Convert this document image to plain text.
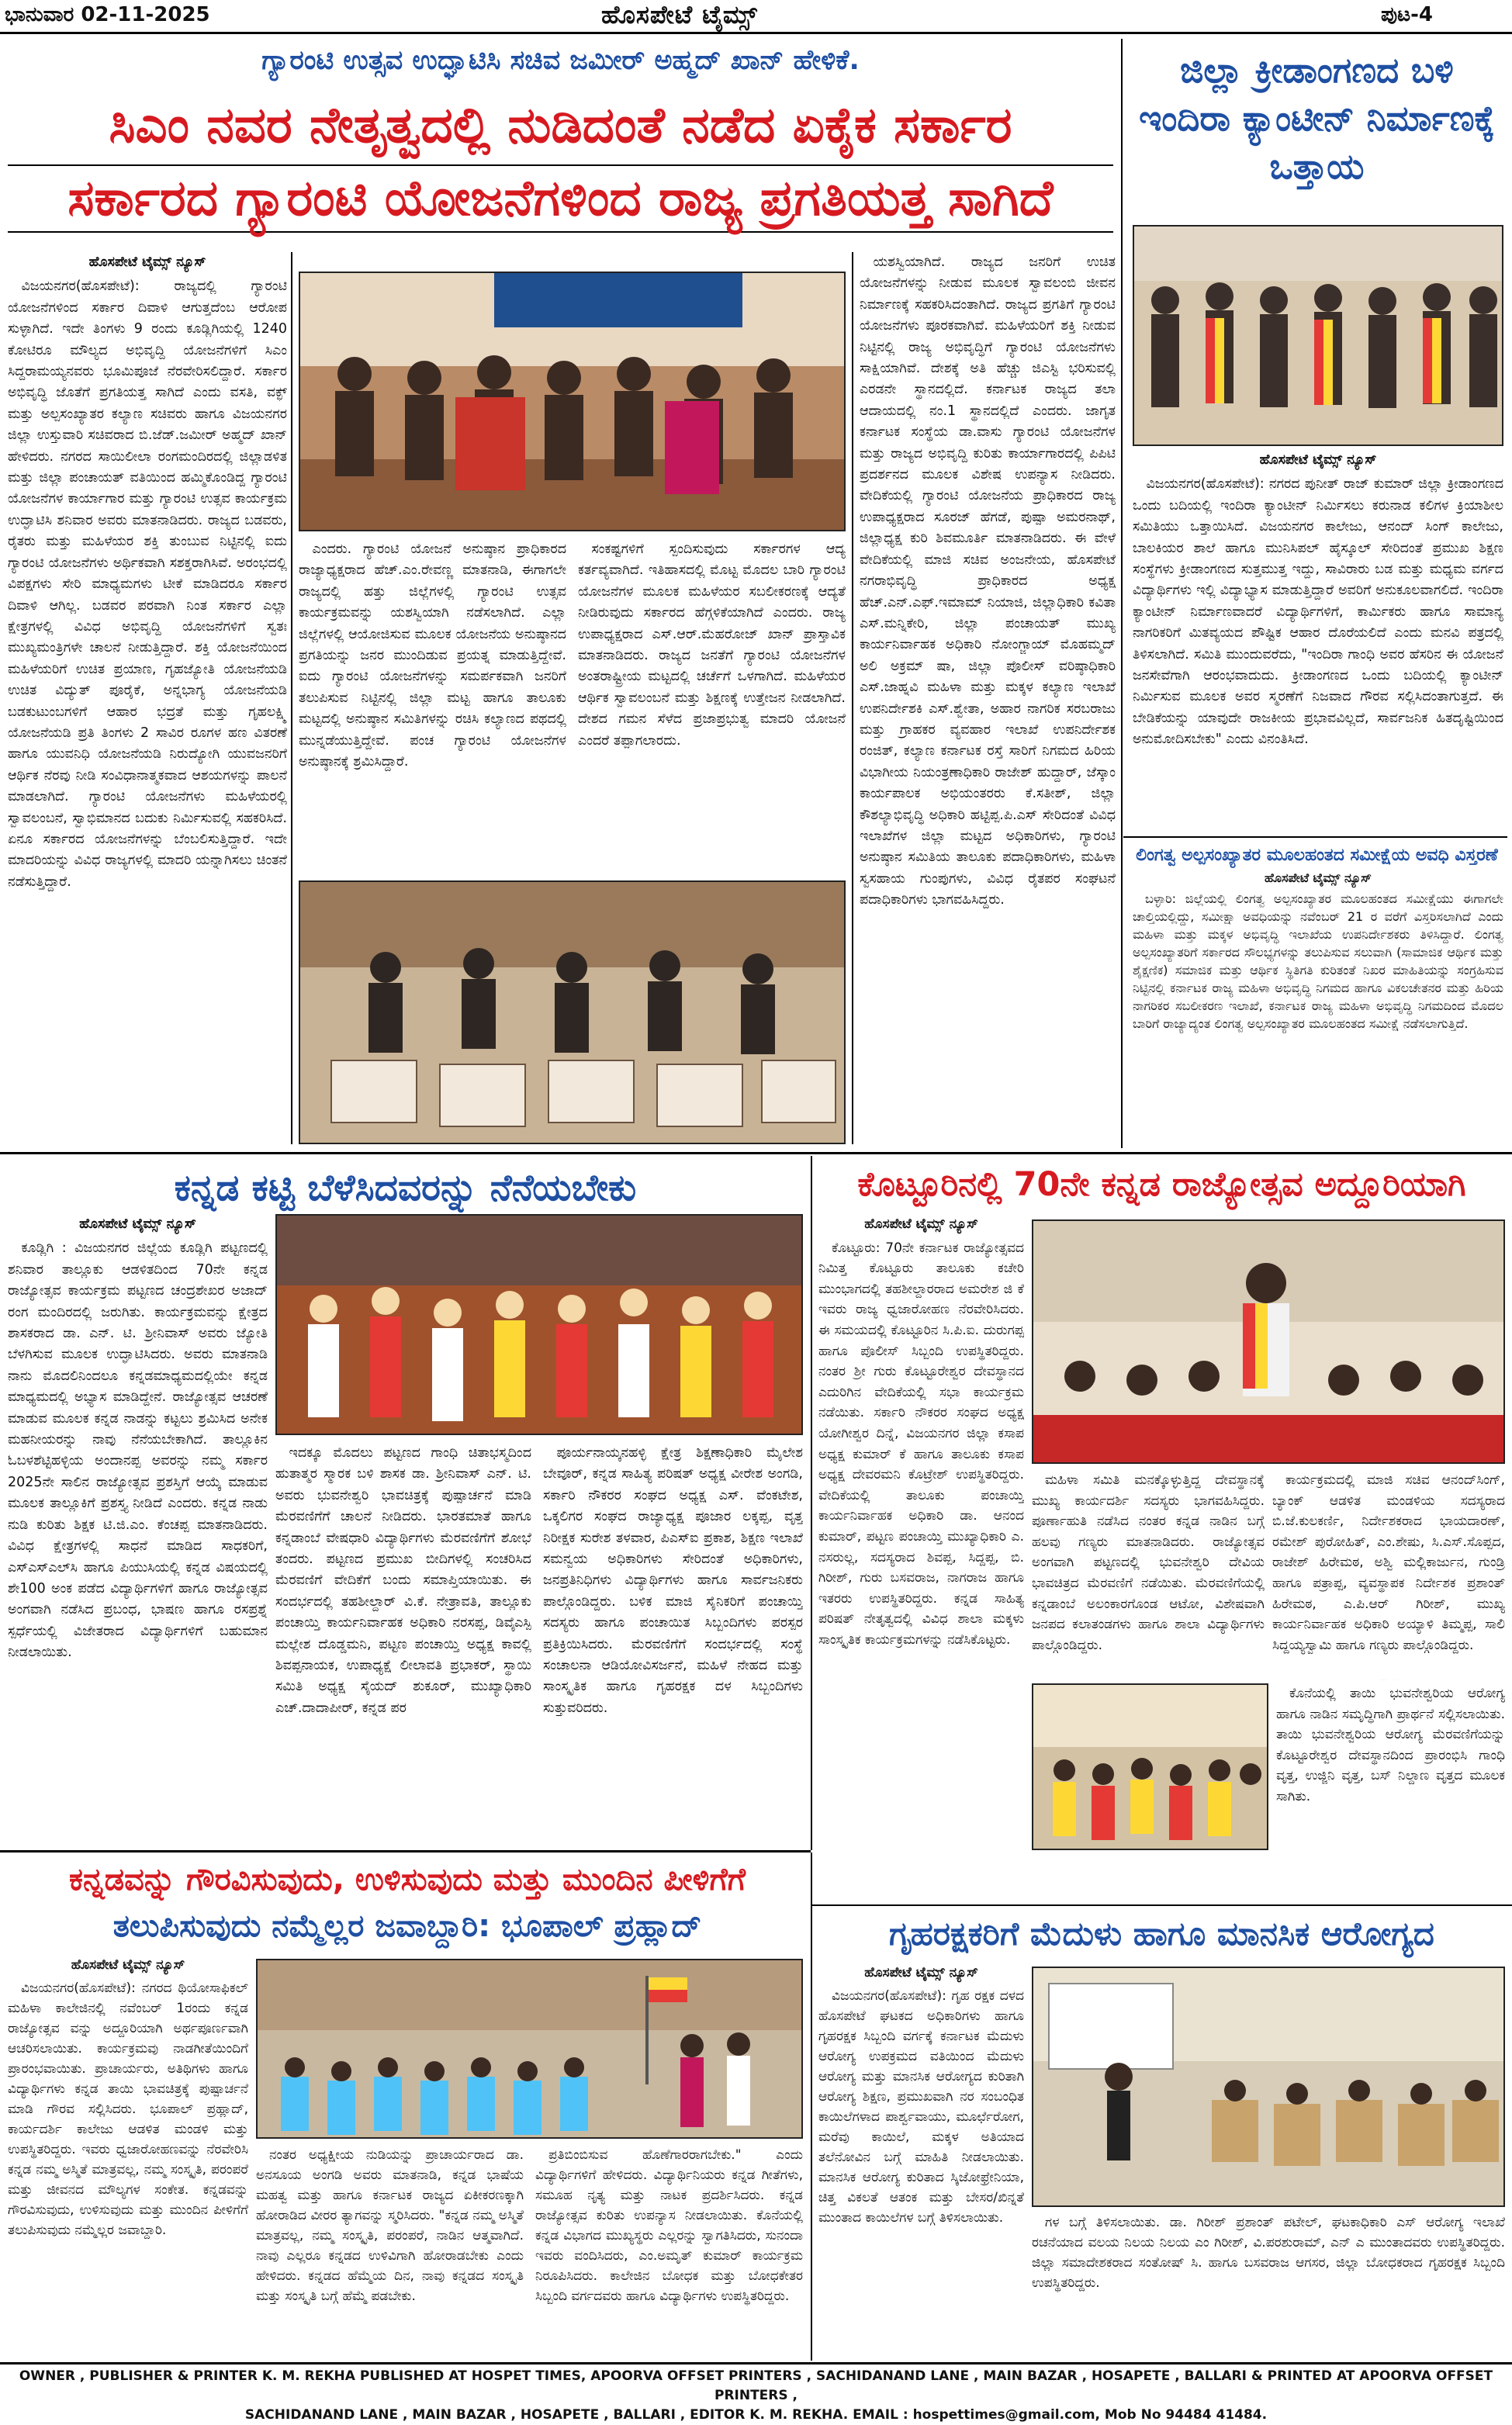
ಭಾನುವಾರ 02-11-2025	ಹೊಸಪೇಟೆ ಟೈಮ್ಸ್	ಪುಟ-4
ಗ್ಯಾರಂಟಿ ಉತ್ಸವ ಉದ್ಘಾಟಿಸಿ ಸಚಿವ ಜಮೀರ್ ಅಹ್ಮದ್ ಖಾನ್ ಹೇಳಿಕೆ.
ಸಿಎಂ ನವರ ನೇತೃತ್ವದಲ್ಲಿ ನುಡಿದಂತೆ ನಡೆದ ಏಕೈಕ ಸರ್ಕಾರ
ಸರ್ಕಾರದ ಗ್ಯಾರಂಟಿ ಯೋಜನೆಗಳಿಂದ ರಾಜ್ಯ ಪ್ರಗತಿಯತ್ತ ಸಾಗಿದೆ

ಹೊಸಪೇಟೆ ಟೈಮ್ಸ್ ನ್ಯೂಸ್

ವಿಜಯನಗರ(ಹೊಸಪೇಟೆ): ರಾಜ್ಯದಲ್ಲಿ ಗ್ಯಾರಂಟಿ ಯೋಜನೆಗಳಿಂದ ಸರ್ಕಾರ ದಿವಾಳಿ ಆಗುತ್ತದೆಂಬ ಆರೋಪ ಸುಳ್ಳಾಗಿದೆ. ಇದೇ ತಿಂಗಳು 9 ರಂದು ಕೂಡ್ಲಿಗಿಯಲ್ಲಿ 1240 ಕೋಟಿರೂ ಮೌಲ್ಯದ ಅಭಿವೃದ್ದಿ ಯೋಜನೆಗಳಿಗೆ ಸಿಎಂ ಸಿದ್ದರಾಮಯ್ಯನವರು ಭೂಮಿಪೂಜೆ ನೆರವೇರಿಸಲಿದ್ದಾರೆ. ಸರ್ಕಾರ ಅಭಿವೃದ್ಧಿ ಜೊತೆಗೆ ಪ್ರಗತಿಯತ್ತ ಸಾಗಿದೆ ಎಂದು ವಸತಿ, ವಕ್ಫ್ ಮತ್ತು ಅಲ್ಪಸಂಖ್ಯಾತರ ಕಲ್ಯಾಣ ಸಚಿವರು ಹಾಗೂ ವಿಜಯನಗರ ಜಿಲ್ಲಾ ಉಸ್ತುವಾರಿ ಸಚಿವರಾದ ಬಿ.ಜೆಡ್.ಜಮೀರ್ ಅಹ್ಮದ್ ಖಾನ್ ಹೇಳಿದರು. ನಗರದ ಸಾಯಿಲೀಲಾ ರಂಗಮಂದಿರದಲ್ಲಿ ಜಿಲ್ಲಾಡಳಿತ ಮತ್ತು ಜಿಲ್ಲಾ ಪಂಚಾಯತ್ ವತಿಯಿಂದ ಹಮ್ಮಿಕೊಂಡಿದ್ದ ಗ್ಯಾರಂಟಿ ಯೋಜನೆಗಳ ಕಾರ್ಯಾಗಾರ ಮತ್ತು ಗ್ಯಾರಂಟಿ ಉತ್ಸವ ಕಾರ್ಯಕ್ರಮ ಉದ್ಘಾಟಿಸಿ ಶನಿವಾರ ಅವರು ಮಾತನಾಡಿದರು. ರಾಜ್ಯದ ಬಡವರು, ರೈತರು ಮತ್ತು ಮಹಿಳೆಯರ ಶಕ್ತಿ ತುಂಬುವ ನಿಟ್ಟಿನಲ್ಲಿ ಐದು ಗ್ಯಾರಂಟಿ ಯೋಜನೆಗಳು ಅರ್ಥಿಕವಾಗಿ ಸಶಕ್ತರಾಗಿಸಿವೆ. ಅರಂಭದಲ್ಲಿ ವಿಪಕ್ಷಗಳು ಸೇರಿ ಮಾಧ್ಯಮಗಳು ಟೀಕೆ ಮಾಡಿದರೂ ಸರ್ಕಾರ ದಿವಾಳಿ ಆಗಿಲ್ಲ. ಬಡವರ ಪರವಾಗಿ ನಿಂತ ಸರ್ಕಾರ ಎಲ್ಲಾ ಕ್ಷೇತ್ರಗಳಲ್ಲಿ ವಿವಿಧ ಅಭಿವೃದ್ದಿ ಯೋಜನೆಗಳಿಗೆ ಸ್ವತಃ ಮುಖ್ಯಮಂತ್ರಿಗಳೇ ಚಾಲನೆ ನೀಡುತ್ತಿದ್ದಾರೆ. ಶಕ್ತಿ ಯೋಜನೆಯಿಂದ ಮಹಿಳೆಯರಿಗೆ ಉಚಿತ ಪ್ರಯಾಣ, ಗೃಹಜ್ಯೋತಿ ಯೋಜನೆಯಡಿ ಉಚಿತ ವಿದ್ಯುತ್ ಪೂರೈಕೆ, ಅನ್ನಭಾಗ್ಯ ಯೋಜನೆಯಡಿ ಬಡಕುಟುಂಬಗಳಿಗೆ ಆಹಾರ ಭದ್ರತೆ ಮತ್ತು ಗೃಹಲಕ್ಷ್ಮಿ ಯೋಜನೆಯಡಿ ಪ್ರತಿ ತಿಂಗಳು 2 ಸಾವಿರ ರೂಗಳ ಹಣ ವಿತರಣೆ ಹಾಗೂ ಯುವನಿಧಿ ಯೋಜನೆಯಡಿ ನಿರುದ್ಯೋಗಿ ಯುವಜನರಿಗೆ ಆರ್ಥಿಕ ನೆರವು ನೀಡಿ ಸಂವಿಧಾನಾತ್ಮಕವಾದ ಆಶಯಗಳನ್ನು ಪಾಲನೆ ಮಾಡಲಾಗಿದೆ. ಗ್ಯಾರಂಟಿ ಯೋಜನೆಗಳು ಮಹಿಳೆಯರಲ್ಲಿ ಸ್ವಾವಲಂಬನೆ, ಸ್ವಾಭಿಮಾನದ ಬದುಕು ನಿರ್ಮಿಸುವಲ್ಲಿ ಸಹಕರಿಸಿದೆ. ಏನೂ ಸರ್ಕಾರದ ಯೋಜನೆಗಳನ್ನು ಬೆಂಬಲಿಸುತ್ತಿದ್ದಾರೆ. ಇದೇ ಮಾದರಿಯನ್ನು ವಿವಿಧ ರಾಜ್ಯಗಳಲ್ಲಿ ಮಾದರಿ ಯನ್ನಾಗಿಸಲು ಚಿಂತನೆ ನಡೆಸುತ್ತಿದ್ದಾರೆ.

ಎಂದರು. ಗ್ಯಾರಂಟಿ ಯೋಜನೆ ಅನುಷ್ಠಾನ ಪ್ರಾಧಿಕಾರದ ರಾಜ್ಯಾಧ್ಯಕ್ಷರಾದ ಹೆಚ್.ಎಂ.ರೇವಣ್ಣ ಮಾತನಾಡಿ, ಈಗಾಗಲೇ ರಾಜ್ಯದಲ್ಲಿ ಹತ್ತು ಜಿಲ್ಲೆಗಳಲ್ಲಿ ಗ್ಯಾರಂಟಿ ಉತ್ಸವ ಕಾರ್ಯಕ್ರಮವನ್ನು ಯಶಸ್ವಿಯಾಗಿ ನಡೆಸಲಾಗಿದೆ. ಎಲ್ಲಾ ಜಿಲ್ಲೆಗಳಲ್ಲಿ ಆಯೋಜಿಸುವ ಮೂಲಕ ಯೋಜನೆಯ ಅನುಷ್ಠಾನದ ಪ್ರಗತಿಯನ್ನು ಜನರ ಮುಂದಿಡುವ ಪ್ರಯತ್ನ ಮಾಡುತ್ತಿದ್ದೇವೆ. ಐದು ಗ್ಯಾರಂಟಿ ಯೋಜನೆಗಳನ್ನು ಸಮರ್ಪಕವಾಗಿ ಜನರಿಗೆ ತಲುಪಿಸುವ ನಿಟ್ಟಿನಲ್ಲಿ ಜಿಲ್ಲಾ ಮಟ್ಟ ಹಾಗೂ ತಾಲೂಕು ಮಟ್ಟದಲ್ಲಿ ಅನುಷ್ಠಾನ ಸಮಿತಿಗಳನ್ನು ರಚಿಸಿ ಕಲ್ಯಾಣದ ಪಥದಲ್ಲಿ ಮುನ್ನಡೆಯುತ್ತಿದ್ದೇವೆ. ಪಂಚ ಗ್ಯಾರಂಟಿ ಯೋಜನೆಗಳ ಅನುಷ್ಠಾನಕ್ಕೆ ಶ್ರಮಿಸಿದ್ದಾರೆ.

ಸಂಕಷ್ಟಗಳಿಗೆ ಸ್ಪಂದಿಸುವುದು ಸರ್ಕಾರಗಳ ಆದ್ಯ ಕರ್ತವ್ಯವಾಗಿದೆ. ಇತಿಹಾಸದಲ್ಲಿ ಮೊಟ್ಟ ಮೊದಲ ಬಾರಿ ಗ್ಯಾರಂಟಿ ಯೋಜನೆಗಳ ಮೂಲಕ ಮಹಿಳೆಯರ ಸಬಲೀಕರಣಕ್ಕೆ ಆದ್ಯತೆ ನೀಡಿರುವುದು ಸರ್ಕಾರದ ಹೆಗ್ಗಳಿಕೆಯಾಗಿದೆ ಎಂದರು. ರಾಜ್ಯ ಉಪಾಧ್ಯಕ್ಷರಾದ ಎಸ್.ಆರ್.ಮೆಹರೋಜ್ ಖಾನ್ ಪ್ರಾಸ್ತಾವಿಕ ಮಾತನಾಡಿದರು. ರಾಜ್ಯದ ಜನತೆಗೆ ಗ್ಯಾರಂಟಿ ಯೋಜನೆಗಳ ಅಂತರಾಷ್ಟ್ರೀಯ ಮಟ್ಟದಲ್ಲಿ ಚರ್ಚೆಗೆ ಒಳಗಾಗಿದೆ. ಮಹಿಳೆಯರ ಆರ್ಥಿಕ ಸ್ವಾವಲಂಬನೆ ಮತ್ತು ಶಿಕ್ಷಣಕ್ಕೆ ಉತ್ತೇಜನ ನೀಡಲಾಗಿದೆ. ದೇಶದ ಗಮನ ಸೆಳೆದ ಪ್ರಜಾಪ್ರಭುತ್ವ ಮಾದರಿ ಯೋಜನೆ ಎಂದರೆ ತಪ್ಪಾಗಲಾರದು.

ಯಶಸ್ವಿಯಾಗಿದೆ. ರಾಜ್ಯದ ಜನರಿಗೆ ಉಚಿತ ಯೋಜನೆಗಳನ್ನು ನೀಡುವ ಮೂಲಕ ಸ್ವಾವಲಂಬಿ ಜೀವನ ನಿರ್ಮಾಣಕ್ಕೆ ಸಹಕರಿಸಿದಂತಾಗಿದೆ. ರಾಜ್ಯದ ಪ್ರಗತಿಗೆ ಗ್ಯಾರಂಟಿ ಯೋಜನೆಗಳು ಪೂರಕವಾಗಿವೆ. ಮಹಿಳೆಯರಿಗೆ ಶಕ್ತಿ ನೀಡುವ ನಿಟ್ಟಿನಲ್ಲಿ ರಾಜ್ಯ ಅಭಿವೃದ್ಧಿಗೆ ಗ್ಯಾರಂಟಿ ಯೋಜನೆಗಳು ಸಾಕ್ಷಿಯಾಗಿವೆ. ದೇಶಕ್ಕೆ ಅತಿ ಹೆಚ್ಚು ಜಿಎಸ್ಟಿ ಭರಿಸುವಲ್ಲಿ ಎರಡನೇ ಸ್ಥಾನದಲ್ಲಿದೆ. ಕರ್ನಾಟಕ ರಾಜ್ಯದ ತಲಾ ಆದಾಯದಲ್ಲಿ ನಂ.1 ಸ್ಥಾನದಲ್ಲಿದೆ ಎಂದರು. ಜಾಗೃತ ಕರ್ನಾಟಕ ಸಂಸ್ಥೆಯ ಡಾ.ವಾಸು ಗ್ಯಾರಂಟಿ ಯೋಜನೆಗಳ ಮತ್ತು ರಾಜ್ಯದ ಅಭಿವೃದ್ದಿ ಕುರಿತು ಕಾರ್ಯಾಗಾರದಲ್ಲಿ ಪಿಪಿಟಿ ಪ್ರದರ್ಶನದ ಮೂಲಕ ವಿಶೇಷ ಉಪನ್ಯಾಸ ನೀಡಿದರು. ವೇದಿಕೆಯಲ್ಲಿ ಗ್ಯಾರಂಟಿ ಯೋಜನೆಯ ಪ್ರಾಧಿಕಾರದ ರಾಜ್ಯ ಉಪಾಧ್ಯಕ್ಷರಾದ ಸೂರಜ್ ಹೆಗಡೆ, ಪುಷ್ಪಾ ಅಮರನಾಥ್, ಜಿಲ್ಲಾಧ್ಯಕ್ಷ ಕುರಿ ಶಿವಮೂರ್ತಿ ಮಾತನಾಡಿದರು. ಈ ವೇಳೆ ವೇದಿಕೆಯಲ್ಲಿ ಮಾಜಿ ಸಚಿವ ಅಂಜನೇಯ, ಹೊಸಪೇಟೆ ನಗರಾಭಿವೃದ್ಧಿ ಪ್ರಾಧಿಕಾರದ ಅಧ್ಯಕ್ಷ ಹೆಚ್.ಎನ್.ಎಫ್.ಇಮಾಮ್ ನಿಯಾಜಿ, ಜಿಲ್ಲಾಧಿಕಾರಿ ಕವಿತಾ ಎಸ್.ಮನ್ನಿಕೇರಿ, ಜಿಲ್ಲಾ ಪಂಚಾಯತ್ ಮುಖ್ಯ ಕಾರ್ಯನಿರ್ವಾಹಕ ಅಧಿಕಾರಿ ನೋಂಗ್ಜಾಯ್ ಮೊಹಮ್ಮದ್ ಅಲಿ ಅಕ್ರಮ್ ಷಾ, ಜಿಲ್ಲಾ ಪೊಲೀಸ್ ವರಿಷ್ಠಾಧಿಕಾರಿ ಎಸ್.ಜಾಹ್ನವಿ ಮಹಿಳಾ ಮತ್ತು ಮಕ್ಕಳ ಕಲ್ಯಾಣ ಇಲಾಖೆ ಉಪನಿರ್ದೇಶಕಿ ಎಸ್.ಶ್ವೇತಾ, ಅಹಾರ ನಾಗರಿಕ ಸರಬರಾಜು ಮತ್ತು ಗ್ರಾಹಕರ ವ್ಯವಹಾರ ಇಲಾಖೆ ಉಪನಿರ್ದೇಶಕ ರಂಜಿತ್, ಕಲ್ಯಾಣ ಕರ್ನಾಟಕ ರಸ್ತೆ ಸಾರಿಗೆ ನಿಗಮದ ಹಿರಿಯ ವಿಭಾಗೀಯ ನಿಯಂತ್ರಣಾಧಿಕಾರಿ ರಾಜೇಶ್ ಹುದ್ದಾರ್, ಜೆಸ್ಕಾಂ ಕಾರ್ಯಪಾಲಕ ಅಭಿಯಂತರರು ಕೆ.ಸತೀಶ್, ಜಿಲ್ಲಾ ಕೌಶಲ್ಯಾಭಿವೃದ್ಧಿ ಅಧಿಕಾರಿ ಹಟ್ಟಿಪ್ಪ.ಪಿ.ಎಸ್ ಸೇರಿದಂತೆ ವಿವಿಧ ಇಲಾಖೆಗಳ ಜಿಲ್ಲಾ ಮಟ್ಟದ ಅಧಿಕಾರಿಗಳು, ಗ್ಯಾರಂಟಿ ಅನುಷ್ಠಾನ ಸಮಿತಿಯ ತಾಲೂಕು ಪದಾಧಿಕಾರಿಗಳು, ಮಹಿಳಾ ಸ್ವಸಹಾಯ ಗುಂಪುಗಳು, ವಿವಿಧ ರೈತಪರ ಸಂಘಟನೆ ಪದಾಧಿಕಾರಿಗಳು ಭಾಗವಹಿಸಿದ್ದರು.

ಜಿಲ್ಲಾ ಕ್ರೀಡಾಂಗಣದ ಬಳಿ ಇಂದಿರಾ ಕ್ಯಾಂಟೀನ್ ನಿರ್ಮಾಣಕ್ಕೆ ಒತ್ತಾಯ

ಹೊಸಪೇಟೆ ಟೈಮ್ಸ್ ನ್ಯೂಸ್

ವಿಜಯನಗರ(ಹೊಸಪೇಟೆ): ನಗರದ ಪುನೀತ್ ರಾಜ್ ಕುಮಾರ್ ಜಿಲ್ಲಾ ಕ್ರೀಡಾಂಗಣದ ಒಂದು ಬದಿಯಲ್ಲಿ ಇಂದಿರಾ ಕ್ಯಾಂಟೀನ್ ನಿರ್ಮಿಸಲು ಕರುನಾಡ ಕಲಿಗಳ ಕ್ರಿಯಾಶೀಲ ಸಮಿತಿಯು ಒತ್ತಾಯಿಸಿದೆ. ವಿಜಯನಗರ ಕಾಲೇಜು, ಆನಂದ್ ಸಿಂಗ್ ಕಾಲೇಜು, ಬಾಲಕಿಯರ ಶಾಲೆ ಹಾಗೂ ಮುನಿಸಿಪಲ್ ಹೈಸ್ಕೂಲ್ ಸೇರಿದಂತೆ ಪ್ರಮುಖ ಶಿಕ್ಷಣ ಸಂಸ್ಥೆಗಳು ಕ್ರೀಡಾಂಗಣದ ಸುತ್ತಮುತ್ತ ಇದ್ದು, ಸಾವಿರಾರು ಬಡ ಮತ್ತು ಮಧ್ಯಮ ವರ್ಗದ ವಿದ್ಯಾರ್ಥಿಗಳು ಇಲ್ಲಿ ವಿದ್ಯಾಭ್ಯಾಸ ಮಾಡುತ್ತಿದ್ದಾರೆ ಅವರಿಗೆ ಅನುಕೂಲವಾಗಲಿದೆ. ಇಂದಿರಾ ಕ್ಯಾಂಟೀನ್ ನಿರ್ಮಾಣವಾದರೆ ವಿದ್ಯಾರ್ಥಿಗಳಿಗೆ, ಕಾರ್ಮಿಕರು ಹಾಗೂ ಸಾಮಾನ್ಯ ನಾಗರಿಕರಿಗೆ ಮಿತವ್ಯಯದ ಪೌಷ್ಟಿಕ ಆಹಾರ ದೊರೆಯಲಿದೆ ಎಂದು ಮನವಿ ಪತ್ರದಲ್ಲಿ ತಿಳಿಸಲಾಗಿದೆ. ಸಮಿತಿ ಮುಂದುವರೆದು, "ಇಂದಿರಾ ಗಾಂಧಿ ಅವರ ಹೆಸರಿನ ಈ ಯೋಜನೆ ಜನಸೇವೆಗಾಗಿ ಆರಂಭವಾದುದು. ಕ್ರೀಡಾಂಗಣದ ಒಂದು ಬದಿಯಲ್ಲಿ ಕ್ಯಾಂಟೀನ್ ನಿರ್ಮಿಸುವ ಮೂಲಕ ಅವರ ಸ್ಮರಣೆಗೆ ನಿಜವಾದ ಗೌರವ ಸಲ್ಲಿಸಿದಂತಾಗುತ್ತದೆ. ಈ ಬೇಡಿಕೆಯನ್ನು ಯಾವುದೇ ರಾಜಕೀಯ ಪ್ರಭಾವವಿಲ್ಲದೆ, ಸಾರ್ವಜನಿಕ ಹಿತದೃಷ್ಟಿಯಿಂದ ಅನುಮೋದಿಸಬೇಕು" ಎಂದು ವಿನಂತಿಸಿದೆ.

ಲಿಂಗತ್ವ ಅಲ್ಪಸಂಖ್ಯಾತರ ಮೂಲಹಂತದ ಸಮೀಕ್ಷೆಯ ಅವಧಿ ವಿಸ್ತರಣೆ

ಹೊಸಪೇಟೆ ಟೈಮ್ಸ್ ನ್ಯೂಸ್

ಬಳ್ಳಾರಿ: ಜಿಲ್ಲೆಯಲ್ಲಿ ಲಿಂಗತ್ವ ಅಲ್ಪಸಂಖ್ಯಾತರ ಮೂಲಹಂತದ ಸಮೀಕ್ಷೆಯು ಈಗಾಗಲೇ ಚಾಲ್ತಿಯಲ್ಲಿದ್ದು, ಸಮೀಕ್ಷಾ ಅವಧಿಯನ್ನು ನವೆಂಬರ್ 21 ರ ವರೆಗೆ ವಿಸ್ತರಿಸಲಾಗಿದೆ ಎಂದು ಮಹಿಳಾ ಮತ್ತು ಮಕ್ಕಳ ಅಭಿವೃದ್ಧಿ ಇಲಾಖೆಯ ಉಪನಿರ್ದೇಶಕರು ತಿಳಿಸಿದ್ದಾರೆ. ಲಿಂಗತ್ವ ಅಲ್ಪಸಂಖ್ಯಾತರಿಗೆ ಸರ್ಕಾರದ ಸೌಲಭ್ಯಗಳನ್ನು ತಲುಪಿಸುವ ಸಲುವಾಗಿ (ಸಾಮಾಜಿಕ ಆರ್ಥಿಕ ಮತ್ತು ಶೈಕ್ಷಣಿಕ) ಸಮಾಜಿಕ ಮತ್ತು ಆರ್ಥಿಕ ಸ್ಥಿತಿಗತಿ ಕುರಿತಂತೆ ನಿಖರ ಮಾಹಿತಿಯನ್ನು ಸಂಗ್ರಹಿಸುವ ನಿಟ್ಟಿನಲ್ಲಿ ಕರ್ನಾಟಕ ರಾಜ್ಯ ಮಹಿಳಾ ಅಭಿವೃದ್ಧಿ ನಿಗಮದ ಹಾಗೂ ವಿಕಲಚೇತನರ ಮತ್ತು ಹಿರಿಯ ನಾಗರಿಕರ ಸಬಲೀಕರಣ ಇಲಾಖೆ, ಕರ್ನಾಟಕ ರಾಜ್ಯ ಮಹಿಳಾ ಅಭಿವೃದ್ಧಿ ನಿಗಮದಿಂದ ಮೊದಲ ಬಾರಿಗೆ ರಾಜ್ಯಾದ್ಯಂತ ಲಿಂಗತ್ವ ಅಲ್ಪಸಂಖ್ಯಾತರ ಮೂಲಹಂತದ ಸಮೀಕ್ಷೆ ನಡೆಸಲಾಗುತ್ತಿದೆ.

ಕನ್ನಡ ಕಟ್ಟಿ ಬೆಳೆಸಿದವರನ್ನು ನೆನೆಯಬೇಕು

ಹೊಸಪೇಟೆ ಟೈಮ್ಸ್ ನ್ಯೂಸ್

ಕೂಡ್ಲಿಗಿ : ವಿಜಯನಗರ ಜಿಲ್ಲೆಯ ಕೂಡ್ಲಿಗಿ ಪಟ್ಟಣದಲ್ಲಿ ಶನಿವಾರ ತಾಲ್ಲೂಕು ಆಡಳಿತದಿಂದ 70ನೇ ಕನ್ನಡ ರಾಜ್ಯೋತ್ಸವ ಕಾರ್ಯಕ್ರಮ ಪಟ್ಟಣದ ಚಂದ್ರಶೇಖರ ಅಜಾದ್ ರಂಗ ಮಂದಿರದಲ್ಲಿ ಜರುಗಿತು. ಕಾರ್ಯಕ್ರಮವನ್ನು ಕ್ಷೇತ್ರದ ಶಾಸಕರಾದ ಡಾ. ಎನ್. ಟಿ. ಶ್ರೀನಿವಾಸ್ ಅವರು ಜ್ಯೋತಿ ಬೆಳಗಿಸುವ ಮೂಲಕ ಉದ್ಘಾಟಿಸಿದರು. ಅವರು ಮಾತನಾಡಿ ನಾನು ಮೊದಲಿನಿಂದಲೂ ಕನ್ನಡಮಾಧ್ಯಮದಲ್ಲಿಯೇ ಕನ್ನಡ ಮಾಧ್ಯಮದಲ್ಲಿ ಅಭ್ಯಾಸ ಮಾಡಿದ್ದೇನೆ. ರಾಜ್ಯೋತ್ಸವ ಆಚರಣೆ ಮಾಡುವ ಮೂಲಕ ಕನ್ನಡ ನಾಡನ್ನು ಕಟ್ಟಲು ಶ್ರಮಿಸಿದ ಅನೇಕ ಮಹನೀಯರನ್ನು ನಾವು ನೆನೆಯಬೇಕಾಗಿದೆ. ತಾಲ್ಲೂಕಿನ ಓಬಳಶೆಟ್ಟಿಹಳ್ಳಿಯ ಅಂದಾನಪ್ಪ ಅವರನ್ನು ನಮ್ಮ ಸರ್ಕಾರ 2025ನೇ ಸಾಲಿನ ರಾಜ್ಯೋತ್ಸವ ಪ್ರಶಸ್ತಿಗೆ ಆಯ್ಕೆ ಮಾಡುವ ಮೂಲಕ ತಾಲ್ಲೂಕಿಗೆ ಪ್ರಶಸ್ತ್ಯ ನೀಡಿದೆ ಎಂದರು. ಕನ್ನಡ ನಾಡು ನುಡಿ ಕುರಿತು ಶಿಕ್ಷಕ ಟಿ.ಜಿ.ಎಂ. ಕೆಂಚಪ್ಪ ಮಾತನಾಡಿದರು. ವಿವಿಧ ಕ್ಷೇತ್ರಗಳಲ್ಲಿ ಸಾಧನೆ ಮಾಡಿದ ಸಾಧಕರಿಗೆ, ಎಸ್ಎಸ್ಎಲ್‌ಸಿ ಹಾಗೂ ಪಿಯುಸಿಯಲ್ಲಿ ಕನ್ನಡ ವಿಷಯದಲ್ಲಿ ಶೇ100 ಅಂಕ ಪಡೆದ ವಿದ್ಯಾರ್ಥಿಗಳಿಗೆ ಹಾಗೂ ರಾಜ್ಯೋತ್ಸವ ಅಂಗವಾಗಿ ನಡೆಸಿದ ಪ್ರಬಂಧ, ಭಾಷಣ ಹಾಗೂ ರಸಪ್ರಶ್ನೆ ಸ್ಪರ್ಧೆಯಲ್ಲಿ ವಿಜೇತರಾದ ವಿದ್ಯಾರ್ಥಿಗಳಿಗೆ ಬಹುಮಾನ ನೀಡಲಾಯಿತು.

ಇದಕ್ಕೂ ಮೊದಲು ಪಟ್ಟಣದ ಗಾಂಧಿ ಚಿತಾಭಸ್ಮದಿಂದ ಹುತಾತ್ಮರ ಸ್ಮಾರಕ ಬಳಿ ಶಾಸಕ ಡಾ. ಶ್ರೀನಿವಾಸ್ ಎನ್. ಟಿ. ಅವರು ಭುವನೇಶ್ವರಿ ಭಾವಚಿತ್ರಕ್ಕೆ ಪುಷ್ಪಾರ್ಚನೆ ಮಾಡಿ ಮೆರವಣಿಗೆಗೆ ಚಾಲನೆ ನೀಡಿದರು. ಭಾರತಮಾತೆ ಹಾಗೂ ಕನ್ನಡಾಂಬೆ ವೇಷಧಾರಿ ವಿದ್ಯಾರ್ಥಿಗಳು ಮೆರವಣಿಗೆಗೆ ಶೋಭೆ ತಂದರು. ಪಟ್ಟಣದ ಪ್ರಮುಖ ಬೀದಿಗಳಲ್ಲಿ ಸಂಚರಿಸಿದ ಮೆರವಣಿಗೆ ವೇದಿಕೆಗೆ ಬಂದು ಸಮಾಪ್ತಿಯಾಯಿತು. ಈ ಸಂದರ್ಭದಲ್ಲಿ ತಹಶೀಲ್ದಾರ್ ವಿ.ಕೆ. ನೇತ್ರಾವತಿ, ತಾಲ್ಲೂಕು ಪಂಚಾಯ್ತಿ ಕಾರ್ಯನಿರ್ವಾಹಕ ಅಧಿಕಾರಿ ನರಸಪ್ಪ, ಡಿವೈಎಸ್ಪಿ ಮಲ್ಲೇಶ ದೊಡ್ಡಮನಿ, ಪಟ್ಟಣ ಪಂಚಾಯ್ತಿ ಅಧ್ಯಕ್ಷ ಕಾವಲ್ಲಿ ಶಿವಪ್ಪನಾಯಕ, ಉಪಾಧ್ಯಕ್ಷೆ ಲೀಲಾವತಿ ಪ್ರಭಾಕರ್, ಸ್ಥಾಯಿ ಸಮಿತಿ ಅಧ್ಯಕ್ಷ ಸೈಯದ್ ಶುಕೂರ್, ಮುಖ್ಯಾಧಿಕಾರಿ ಎಚ್.ದಾದಾಪೀರ್, ಕನ್ನಡ ಪರ

ಪೂರ್ಯನಾಯ್ಕನಹಳ್ಳಿ ಕ್ಷೇತ್ರ ಶಿಕ್ಷಣಾಧಿಕಾರಿ ಮೈಲೇಶ ಬೇವೂರ್, ಕನ್ನಡ ಸಾಹಿತ್ಯ ಪರಿಷತ್ ಅಧ್ಯಕ್ಷ ವೀರೇಶ ಅಂಗಡಿ, ಸರ್ಕಾರಿ ನೌಕರರ ಸಂಘದ ಅಧ್ಯಕ್ಷ ಎಸ್. ವೆಂಕಟೇಶ, ಒಕ್ಕಲಿಗರ ಸಂಘದ ರಾಜ್ಯಾಧ್ಯಕ್ಷ ಪೂಜಾರ ಲಕ್ಕಪ್ಪ, ವೃತ್ತ ನಿರೀಕ್ಷಕ ಸುರೇಶ ತಳವಾರ, ಪಿಎಸ್‌ಐ ಪ್ರಕಾಶ, ಶಿಕ್ಷಣ ಇಲಾಖೆ ಸಮನ್ವಯ ಅಧಿಕಾರಿಗಳು ಸೇರಿದಂತೆ ಅಧಿಕಾರಿಗಳು, ಜನಪ್ರತಿನಿಧಿಗಳು ವಿದ್ಯಾರ್ಥಿಗಳು ಹಾಗೂ ಸಾರ್ವಜನಿಕರು ಪಾಲ್ಗೊಂಡಿದ್ದರು. ಬಳಿಕ ಮಾಜಿ ಸೈನಿಕರಿಗೆ ಪಂಚಾಯ್ತಿ ಸದಸ್ಯರು ಹಾಗೂ ಪಂಚಾಯಿತ ಸಿಬ್ಬಂದಿಗಳು ಪರಸ್ಪರ ಪ್ರತಿಕ್ರಿಯಿಸಿದರು. ಮೆರವಣಿಗೆಗೆ ಸಂದರ್ಭದಲ್ಲಿ ಸಂಸ್ಥೆ ಸಂಚಾಲನಾ ಆಡಿಯೋವಿಸರ್ಜನೆ, ಮಹಿಳೆ ನೇಹದ ಮತ್ತು ಸಾಂಸ್ಕೃತಿಕ ಹಾಗೂ ಗೃಹರಕ್ಷಕ ದಳ ಸಿಬ್ಬಂದಿಗಳು ಸುತ್ತುವರಿದರು.

ಕೊಟ್ಟೂರಿನಲ್ಲಿ 70ನೇ ಕನ್ನಡ ರಾಜ್ಯೋತ್ಸವ ಅದ್ದೂರಿಯಾಗಿ

ಹೊಸಪೇಟೆ ಟೈಮ್ಸ್ ನ್ಯೂಸ್

ಕೊಟ್ಟೂರು: 70ನೇ ಕರ್ನಾಟಕ ರಾಜ್ಯೋತ್ಸವದ ನಿಮಿತ್ತ ಕೊಟ್ಟೂರು ತಾಲೂಕು ಕಚೇರಿ ಮುಂಭಾಗದಲ್ಲಿ ತಹಶೀಲ್ದಾರರಾದ ಅಮರೇಶ ಜಿ ಕೆ ಇವರು ರಾಜ್ಯ ಧ್ವಜಾರೋಹಣ ನೆರವೇರಿಸಿದರು. ಈ ಸಮಯದಲ್ಲಿ ಕೊಟ್ಟೂರಿನ ಸಿ.ಪಿ.ಐ. ದುರುಗಪ್ಪ ಹಾಗೂ ಪೊಲೀಸ್ ಸಿಬ್ಬಂದಿ ಉಪಸ್ಥಿತರಿದ್ದರು. ನಂತರ ಶ್ರೀ ಗುರು ಕೊಟ್ಟೂರೇಶ್ವರ ದೇವಸ್ಥಾನದ ಎದುರಿಗಿನ ವೇದಿಕೆಯಲ್ಲಿ ಸಭಾ ಕಾರ್ಯಕ್ರಮ ನಡೆಯಿತು. ಸರ್ಕಾರಿ ನೌಕರರ ಸಂಘದ ಅಧ್ಯಕ್ಷ ಯೋಗೀಶ್ವರ ದಿನ್ನೆ, ವಿಜಯನಗರ ಜಿಲ್ಲಾ ಕಸಾಪ ಅಧ್ಯಕ್ಷ ಕುಮಾರ್ ಕೆ ಹಾಗೂ ತಾಲೂಕು ಕಸಾಪ ಅಧ್ಯಕ್ಷ ದೇವರಮನಿ ಕೊಟ್ರೇಶ್ ಉಪಸ್ಥಿತರಿದ್ದರು. ವೇದಿಕೆಯಲ್ಲಿ ತಾಲೂಕು ಪಂಚಾಯ್ತಿ ಕಾರ್ಯನಿರ್ವಾಹಕ ಅಧಿಕಾರಿ ಡಾ. ಆನಂದ ಕುಮಾರ್, ಪಟ್ಟಣ ಪಂಚಾಯ್ತಿ ಮುಖ್ಯಾಧಿಕಾರಿ ಎ. ನಸರುಲ್ಲ, ಸದಸ್ಯರಾದ ಶಿವಪ್ಪ, ಸಿದ್ದಪ್ಪ, ಬಿ. ಗಿರೀಶ್, ಗುರು ಬಸವರಾಜ, ನಾಗರಾಜ ಹಾಗೂ ಇತರರು ಉಪಸ್ಥಿತರಿದ್ದರು. ಕನ್ನಡ ಸಾಹಿತ್ಯ ಪರಿಷತ್ ನೇತೃತ್ವದಲ್ಲಿ ವಿವಿಧ ಶಾಲಾ ಮಕ್ಕಳು ಸಾಂಸ್ಕೃತಿಕ ಕಾರ್ಯಕ್ರಮಗಳನ್ನು ನಡೆಸಿಕೊಟ್ಟರು.

ಮಹಿಳಾ ಸಮಿತಿ ಮನಕ್ಕೊಳ್ಳುತ್ತಿದ್ದ ದೇವಸ್ಥಾನಕ್ಕೆ ಮುಖ್ಯ ಕಾರ್ಯದರ್ಶಿ ಸದಸ್ಯರು ಭಾಗವಹಿಸಿದ್ದರು. ಪೂರ್ಣಾಹುತಿ ನಡೆಸಿದ ನಂತರ ಕನ್ನಡ ನಾಡಿನ ಬಗ್ಗೆ ಹಲವು ಗಣ್ಯರು ಮಾತನಾಡಿದರು. ರಾಜ್ಯೋತ್ಸವ ಅಂಗವಾಗಿ ಪಟ್ಟಣದಲ್ಲಿ ಭುವನೇಶ್ವರಿ ದೇವಿಯ ಭಾವಚಿತ್ರದ ಮೆರವಣಿಗೆ ನಡೆಯಿತು. ಮೆರವಣಿಗೆಯಲ್ಲಿ ಕನ್ನಡಾಂಬೆ ಅಲಂಕಾರಗೊಂಡ ಆಟೋ, ವಿಶೇಷವಾಗಿ ಜನಪದ ಕಲಾತಂಡಗಳು ಹಾಗೂ ಶಾಲಾ ವಿದ್ಯಾರ್ಥಿಗಳು ಪಾಲ್ಗೊಂಡಿದ್ದರು.

ಕಾರ್ಯಕ್ರಮದಲ್ಲಿ ಮಾಜಿ ಸಚಿವ ಆನಂದ್‌ಸಿಂಗ್, ಬ್ಯಾಂಕ್ ಆಡಳಿತ ಮಂಡಳಿಯ ಸದಸ್ಯರಾದ ಬಿ.ಜೆ.ಕುಲಕರ್ಣಿ, ನಿರ್ದೇಶಕರಾದ ಭಾಯದಾರಣ್, ರಮೇಶ್ ಪುರೋಹಿತ್, ಎಂ.ಶೇಷು, ಸಿ.ಎಸ್.ಸೊಪ್ಪದ, ರಾಜೇಶ್ ಹಿರೇಮಠ, ಅಶ್ವಿ ಮಲ್ಲಿಕಾರ್ಜುನ, ಗುಂಡ್ರಿ ಹಾಗೂ ಪತ್ರಾಪ್ಪ, ವ್ಯವಸ್ಥಾಪಕ ನಿರ್ದೇಶಕ ಪ್ರಶಾಂತ್ ಹಿರೇಮಠ, ಎ.ಪಿ.ಆರ್ ಗಿರೀಶ್, ಮುಖ್ಯ ಕಾರ್ಯನಿರ್ವಾಹಕ ಅಧಿಕಾರಿ ಅಯ್ಯಾಳಿ ತಿಮ್ಮಪ್ಪ, ಸಾಲಿ ಸಿದ್ದಯ್ಯಸ್ವಾಮಿ ಹಾಗೂ ಗಣ್ಯರು ಪಾಲ್ಗೊಂಡಿದ್ದರು.

ಕೊನೆಯಲ್ಲಿ ತಾಯಿ ಭುವನೇಶ್ವರಿಯ ಆರೋಗ್ಯ ಹಾಗೂ ನಾಡಿನ ಸಮೃದ್ಧಿಗಾಗಿ ಪ್ರಾರ್ಥನೆ ಸಲ್ಲಿಸಲಾಯಿತು. ತಾಯಿ ಭುವನೇಶ್ವರಿಯ ಆರೋಗ್ಯ ಮೆರವಣಿಗೆಯನ್ನು ಕೊಟ್ಟೂರೇಶ್ವರ ದೇವಸ್ಥಾನದಿಂದ ಪ್ರಾರಂಭಿಸಿ ಗಾಂಧಿ ವೃತ್ತ, ಉಜ್ಜಿನಿ ವೃತ್ತ, ಬಸ್ ನಿಲ್ದಾಣ ವೃತ್ತದ ಮೂಲಕ ಸಾಗಿತು.

ದೂರದೃಷ್ಟಿಯುಳ್ಳ ಸಂಸ್ಥೆಗಳನ್ನು ಕಟ್ಟಿ ಬೆಳೆಸಬೇಕು ಎಂಬುದನ್ನೇ ವಿಜಯ ಬ್ಯಾಂಕ್ ಸಾಕ್ಷಿ
ಕನ್ನಡವನ್ನು ಗೌರವಿಸುವುದು, ಉಳಿಸುವುದು ಮತ್ತು ಮುಂದಿನ ಪೀಳಿಗೆಗೆ
ತಲುಪಿಸುವುದು ನಮ್ಮೆಲ್ಲರ ಜವಾಬ್ದಾರಿ: ಭೂಪಾಲ್ ಪ್ರಹ್ಲಾದ್

ಹೊಸಪೇಟೆ ಟೈಮ್ಸ್ ನ್ಯೂಸ್

ವಿಜಯನಗರ(ಹೊಸಪೇಟೆ): ನಗರದ ಥಿಯೋಸಾಫಿಕಲ್ ಮಹಿಳಾ ಕಾಲೇಜಿನಲ್ಲಿ ನವೆಂಬರ್ 1ರಂದು ಕನ್ನಡ ರಾಜ್ಯೋತ್ಸವ ವನ್ನು ಅದ್ದೂರಿಯಾಗಿ ಅರ್ಥಪೂರ್ಣವಾಗಿ ಆಚರಿಸಲಾಯಿತು. ಕಾರ್ಯಕ್ರಮವು ನಾಡಗೀತೆಯಿಂದಿಗೆ ಪ್ರಾರಂಭವಾಯಿತು. ಪ್ರಾಚಾರ್ಯರು, ಅತಿಥಿಗಳು ಹಾಗೂ ವಿದ್ಯಾರ್ಥಿಗಳು ಕನ್ನಡ ತಾಯಿ ಭಾವಚಿತ್ರಕ್ಕೆ ಪುಷ್ಪಾರ್ಚನೆ ಮಾಡಿ ಗೌರವ ಸಲ್ಲಿಸಿದರು. ಭೂಪಾಲ್ ಪ್ರಹ್ಲಾದ್, ಕಾರ್ಯದರ್ಶಿ ಕಾಲೇಜು ಆಡಳಿತ ಮಂಡಳಿ ಮತ್ತು ಉಪಸ್ಥಿತರಿದ್ದರು. ಇವರು ಧ್ವಜಾರೋಹಣವನ್ನು ನೆರವೇರಿಸಿ ಕನ್ನಡ ನಮ್ಮ ಅಸ್ಮಿತೆ ಮಾತ್ರವಲ್ಲ, ನಮ್ಮ ಸಂಸ್ಕೃತಿ, ಪರಂಪರೆ ಮತ್ತು ಜೀವನದ ಮೌಲ್ಯಗಳ ಸಂಕೇತ. ಕನ್ನಡವನ್ನು ಗೌರವಿಸುವುದು, ಉಳಿಸುವುದು ಮತ್ತು ಮುಂದಿನ ಪೀಳಿಗೆಗೆ ತಲುಪಿಸುವುದು ನಮ್ಮೆಲ್ಲರ ಜವಾಬ್ದಾರಿ.

ನಂತರ ಅಧ್ಯಕ್ಷೀಯ ನುಡಿಯನ್ನು ಪ್ರಾಚಾರ್ಯರಾದ ಡಾ. ಅನಸೂಯ ಅಂಗಡಿ ಅವರು ಮಾತನಾಡಿ, ಕನ್ನಡ ಭಾಷೆಯ ಮಹತ್ವ ಮತ್ತು ಹಾಗೂ ಕರ್ನಾಟಕ ರಾಜ್ಯದ ಏಕೀಕರಣಕ್ಕಾಗಿ ಹೋರಾಡಿದ ವೀರರ ತ್ಯಾಗವನ್ನು ಸ್ಮರಿಸಿದರು. "ಕನ್ನಡ ನಮ್ಮ ಅಸ್ಮಿತೆ ಮಾತ್ರವಲ್ಲ, ನಮ್ಮ ಸಂಸ್ಕೃತಿ, ಪರಂಪರೆ, ನಾಡಿನ ಆತ್ಮವಾಗಿದೆ. ನಾವು ಎಲ್ಲರೂ ಕನ್ನಡದ ಉಳಿವಿಗಾಗಿ ಹೋರಾಡಬೇಕು ಎಂದು ಹೇಳಿದರು. ಕನ್ನಡದ ಹೆಮ್ಮೆಯ ದಿನ, ನಾವು ಕನ್ನಡದ ಸಂಸ್ಕೃತಿ ಮತ್ತು ಸಂಸ್ಕೃತಿ ಬಗ್ಗೆ ಹೆಮ್ಮೆ ಪಡಬೇಕು.

ಪ್ರತಿಬಿಂಬಿಸುವ ಹೊಣೆಗಾರರಾಗಬೇಕು." ಎಂದು ವಿದ್ಯಾರ್ಥಿಗಳಿಗೆ ಹೇಳಿದರು. ವಿದ್ಯಾರ್ಥಿನಿಯರು ಕನ್ನಡ ಗೀತೆಗಳು, ಸಮೂಹ ನೃತ್ಯ ಮತ್ತು ನಾಟಕ ಪ್ರದರ್ಶಿಸಿದರು. ಕನ್ನಡ ರಾಜ್ಯೋತ್ಸವ ಕುರಿತು ಉಪನ್ಯಾಸ ನೀಡಲಾಯಿತು. ಕೊನೆಯಲ್ಲಿ ಕನ್ನಡ ವಿಭಾಗದ ಮುಖ್ಯಸ್ಥರು ಎಲ್ಲರನ್ನು ಸ್ವಾಗತಿಸಿದರು, ಸುನಂದಾ ಇವರು ವಂದಿಸಿದರು, ಎಂ.ಅಮೃತ್ ಕುಮಾರ್ ಕಾರ್ಯಕ್ರಮ ನಿರೂಪಿಸಿದರು. ಕಾಲೇಜಿನ ಬೋಧಕ ಮತ್ತು ಬೋಧಕೇತರ ಸಿಬ್ಬಂದಿ ವರ್ಗದವರು ಹಾಗೂ ವಿದ್ಯಾರ್ಥಿಗಳು ಉಪಸ್ಥಿತರಿದ್ದರು.

ಗೃಹರಕ್ಷಕರಿಗೆ ಮೆದುಳು ಹಾಗೂ ಮಾನಸಿಕ ಆರೋಗ್ಯದ

ಹೊಸಪೇಟೆ ಟೈಮ್ಸ್ ನ್ಯೂಸ್

ವಿಜಯನಗರ(ಹೊಸಪೇಟೆ): ಗೃಹ ರಕ್ಷಕ ದಳದ ಹೊಸಪೇಟೆ ಘಟಕದ ಅಧಿಕಾರಿಗಳು ಹಾಗೂ ಗೃಹರಕ್ಷಕ ಸಿಬ್ಬಂದಿ ವರ್ಗಕ್ಕೆ ಕರ್ನಾಟಕ ಮೆದುಳು ಆರೋಗ್ಯ ಉಪಕ್ರಮದ ವತಿಯಿಂದ ಮೆದುಳು ಆರೋಗ್ಯ ಮತ್ತು ಮಾನಸಿಕ ಆರೋಗ್ಯದ ಕುರಿತಾಗಿ ಆರೋಗ್ಯ ಶಿಕ್ಷಣ, ಪ್ರಮುಖವಾಗಿ ನರ ಸಂಬಂಧಿತ ಕಾಯಿಲೆಗಳಾದ ಪಾರ್ಶ್ವವಾಯು, ಮೂರ್ಛೆರೋಗ, ಮರೆವು ಕಾಯಿಲೆ, ಮಕ್ಕಳ ಅತಿಯಾದ ತಲೆನೋವಿನ ಬಗ್ಗೆ ಮಾಹಿತಿ ನೀಡಲಾಯಿತು. ಮಾನಸಿಕ ಆರೋಗ್ಯ ಕುರಿತಾದ ಸ್ಕಿಜೋಫ್ರೇನಿಯಾ, ಚಿತ್ತ ವಿಕಲತೆ ಆತಂಕ ಮತ್ತು ಬೇಸರ/ಖಿನ್ನತೆ ಮುಂತಾದ ಕಾಯಿಲೆಗಳ ಬಗ್ಗೆ ತಿಳಿಸಲಾಯಿತು.	ಗಳ ಬಗ್ಗೆ ತಿಳಿಸಲಾಯಿತು. ಡಾ. ಗಿರೀಶ್ ಪ್ರಶಾಂತ್ ಪಟೇಲ್, ಘಟಕಾಧಿಕಾರಿ ಎಸ್ ಆರೋಗ್ಯ ಇಲಾಖೆ ರಚನೆಯಾದ ವಲಯ ನಿಲಯ ನಿಲಯ ಎಂ ಗಿರೀಶ್, ವಿ.ಪರಶುರಾಮ್, ಎನ್ ಎ ಮುಂತಾದವರು ಉಪಸ್ಥಿತರಿದ್ದರು. ಜಿಲ್ಲಾ ಸಮಾದೇಶಕರಾದ ಸಂತೋಷ್ ಸಿ. ಹಾಗೂ ಬಸವರಾಜ ಆಗಸರ, ಜಿಲ್ಲಾ ಬೋಧಕರಾದ ಗೃಹರಕ್ಷಕ ಸಿಬ್ಬಂದಿ ಉಪಸ್ಥಿತರಿದ್ದರು.

OWNER , PUBLISHER & PRINTER K. M. REKHA PUBLISHED AT HOSPET TIMES, APOORVA OFFSET PRINTERS , SACHIDANAND LANE , MAIN BAZAR , HOSAPETE , BALLARI & PRINTED AT APOORVA OFFSET PRINTERS ,
SACHIDANAND LANE , MAIN BAZAR , HOSAPETE , BALLARI , EDITOR K. M. REKHA. EMAIL : hospettimes@gmail.com, Mob No 94484 41484.
